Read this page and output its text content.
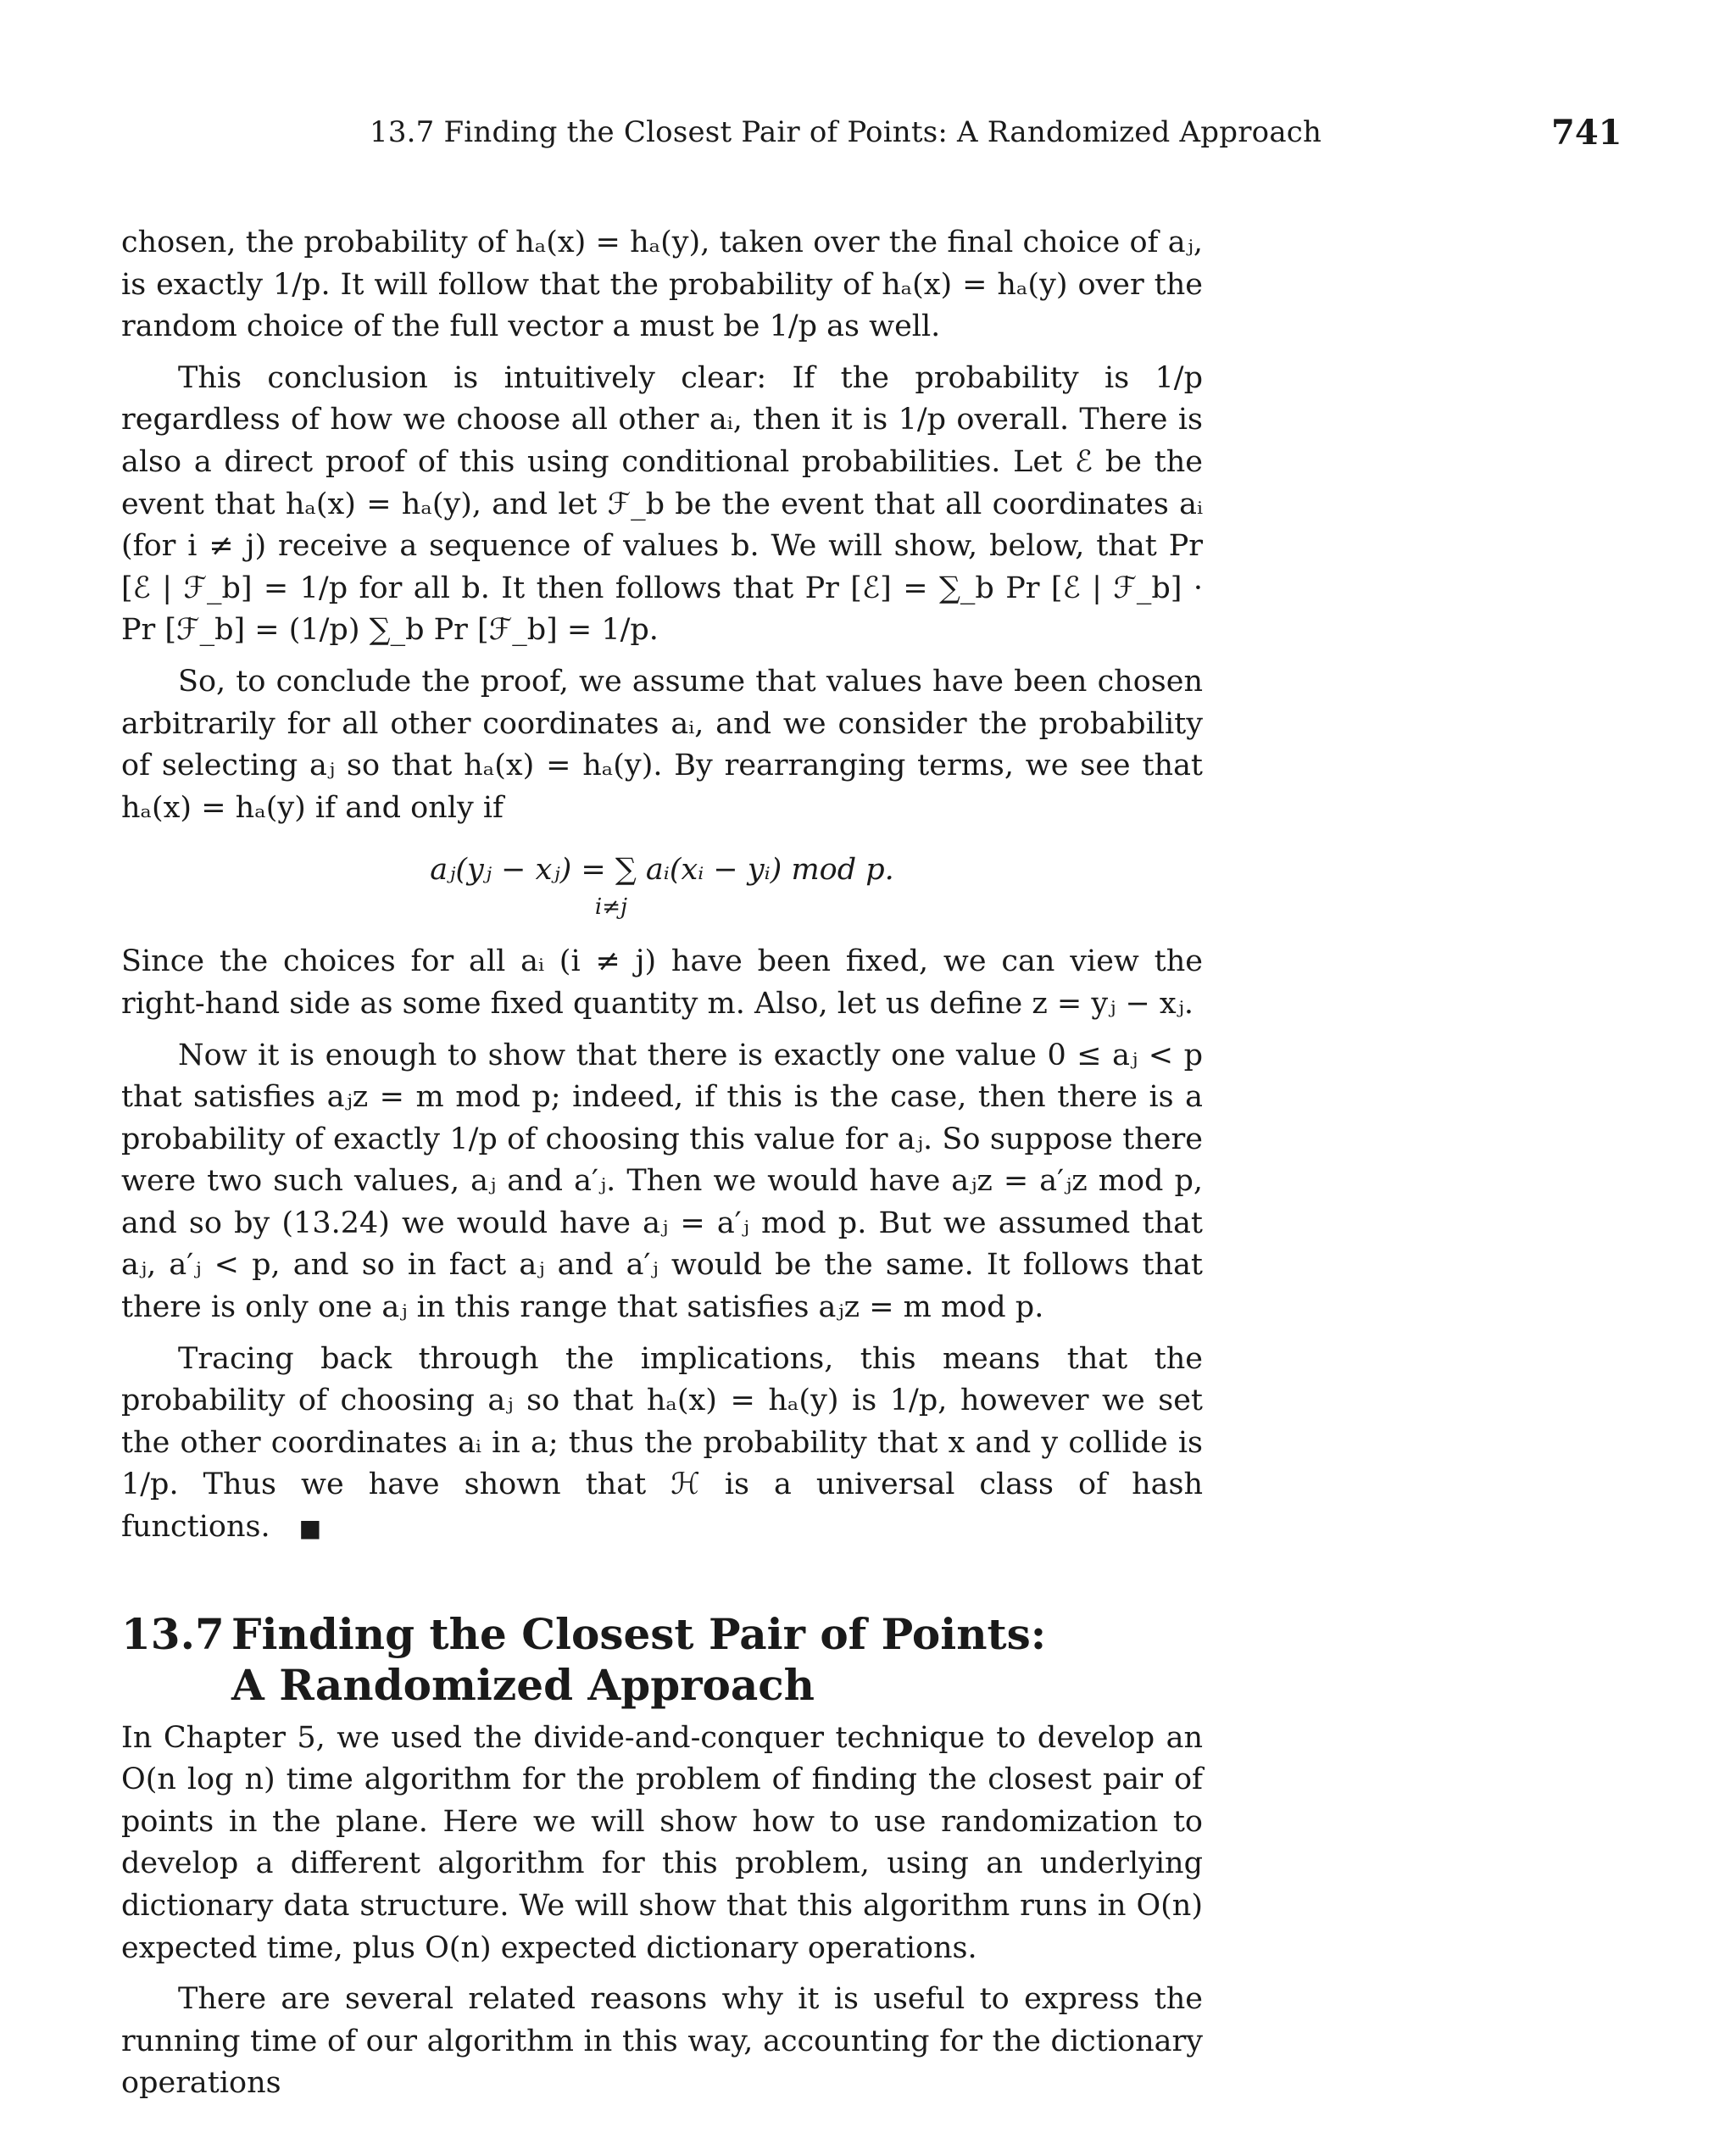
13.7 Finding the Closest Pair of Points: A Randomized Approach	741

chosen, the probability of hₐ(x) = hₐ(y), taken over the final choice of aⱼ, is exactly 1/p. It will follow that the probability of hₐ(x) = hₐ(y) over the random choice of the full vector a must be 1/p as well.

This conclusion is intuitively clear: If the probability is 1/p regardless of how we choose all other aᵢ, then it is 1/p overall. There is also a direct proof of this using conditional probabilities. Let ℰ be the event that hₐ(x) = hₐ(y), and let ℱ_b be the event that all coordinates aᵢ (for i ≠ j) receive a sequence of values b. We will show, below, that Pr [ℰ | ℱ_b] = 1/p for all b. It then follows that Pr [ℰ] = ∑_b Pr [ℰ | ℱ_b] · Pr [ℱ_b] = (1/p) ∑_b Pr [ℱ_b] = 1/p.

So, to conclude the proof, we assume that values have been chosen arbitrarily for all other coordinates aᵢ, and we consider the probability of selecting aⱼ so that hₐ(x) = hₐ(y). By rearranging terms, we see that hₐ(x) = hₐ(y) if and only if

aⱼ(yⱼ − xⱼ) = ∑ aᵢ(xᵢ − yᵢ) mod p.
i≠j

Since the choices for all aᵢ (i ≠ j) have been fixed, we can view the right-hand side as some fixed quantity m. Also, let us define z = yⱼ − xⱼ.

Now it is enough to show that there is exactly one value 0 ≤ aⱼ < p that satisfies aⱼz = m mod p; indeed, if this is the case, then there is a probability of exactly 1/p of choosing this value for aⱼ. So suppose there were two such values, aⱼ and a′ⱼ. Then we would have aⱼz = a′ⱼz mod p, and so by (13.24) we would have aⱼ = a′ⱼ mod p. But we assumed that aⱼ, a′ⱼ < p, and so in fact aⱼ and a′ⱼ would be the same. It follows that there is only one aⱼ in this range that satisfies aⱼz = m mod p.

Tracing back through the implications, this means that the probability of choosing aⱼ so that hₐ(x) = hₐ(y) is 1/p, however we set the other coordinates aᵢ in a; thus the probability that x and y collide is 1/p. Thus we have shown that ℋ is a universal class of hash functions. ■

13.7 Finding the Closest Pair of Points:
A Randomized Approach

In Chapter 5, we used the divide-and-conquer technique to develop an O(n log n) time algorithm for the problem of finding the closest pair of points in the plane. Here we will show how to use randomization to develop a different algorithm for this problem, using an underlying dictionary data structure. We will show that this algorithm runs in O(n) expected time, plus O(n) expected dictionary operations.

There are several related reasons why it is useful to express the running time of our algorithm in this way, accounting for the dictionary operations
